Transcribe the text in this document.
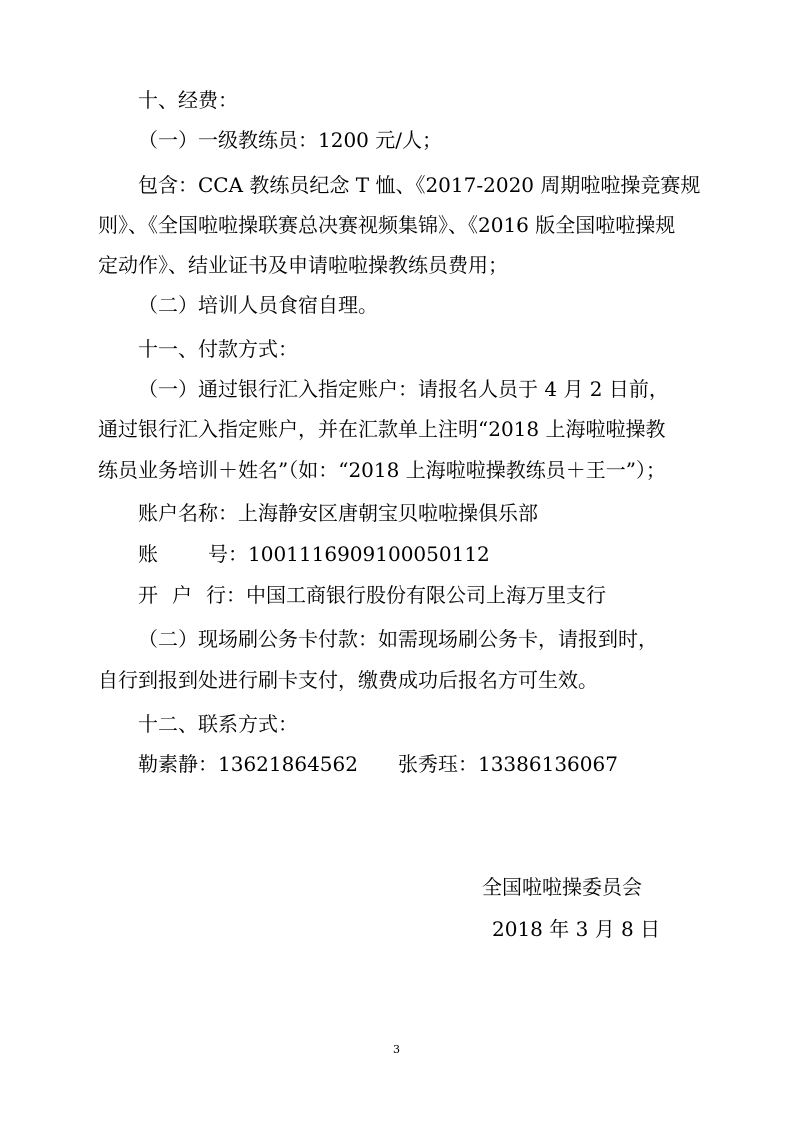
十、经费：
（一）一级教练员：1200 元/人；
包含：CCA 教练员纪念 T 恤、《2017-2020 周期啦啦操竞赛规
则》、《全国啦啦操联赛总决赛视频集锦》、《2016 版全国啦啦操规
定动作》、结业证书及申请啦啦操教练员费用；
（二）培训人员食宿自理。
十一、付款方式：
（一）通过银行汇入指定账户：请报名人员于 4 月 2 日前，
通过银行汇入指定账户，并在汇款单上注明“2018 上海啦啦操教
练员业务培训＋姓名”（如：“2018 上海啦啦操教练员＋王一”）；
账户名称：上海静安区唐朝宝贝啦啦操俱乐部
账	号：1001116909100050112
开 户 行：中国工商银行股份有限公司上海万里支行
（二）现场刷公务卡付款：如需现场刷公务卡，请报到时，
自行到报到处进行刷卡支付，缴费成功后报名方可生效。
十二、联系方式：
勒素静：13621864562 张秀珏：13386136067
全国啦啦操委员会
2018 年 3 月 8 日
3
